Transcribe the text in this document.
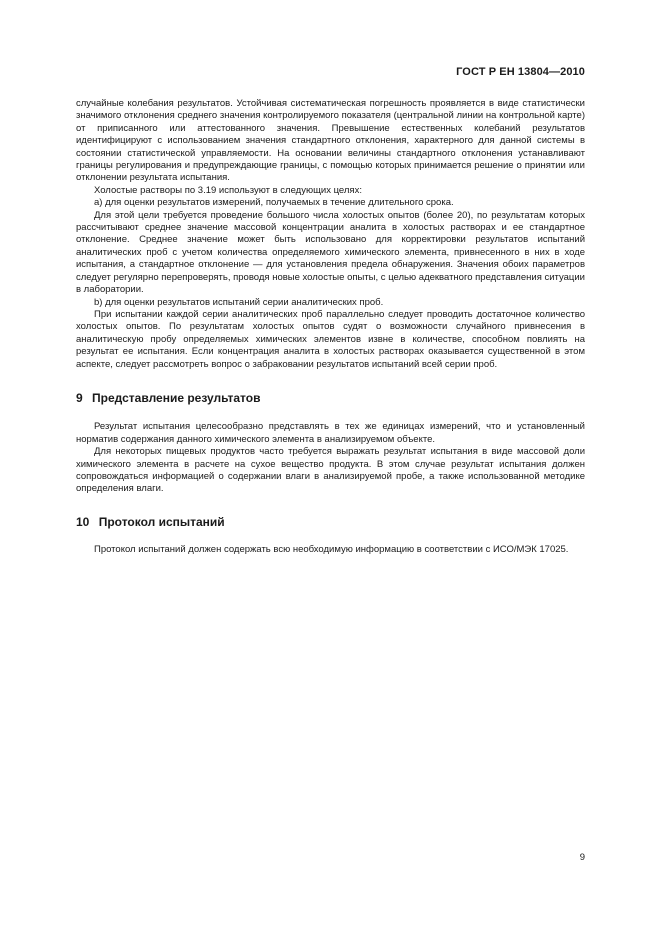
ГОСТ Р ЕН 13804—2010

случайные колебания результатов. Устойчивая систематическая погрешность проявляется в виде статистически значимого отклонения среднего значения контролируемого показателя (центральной линии на контрольной карте) от приписанного или аттестованного значения. Превышение естественных колебаний результатов идентифицируют с использованием значения стандартного отклонения, характерного для данной системы в состоянии статистической управляемости. На основании величины стандартного отклонения устанавливают границы регулирования и предупреждающие границы, с помощью которых принимается решение о принятии или отклонении результата испытания.

Холостые растворы по 3.19 используют в следующих целях:

a) для оценки результатов измерений, получаемых в течение длительного срока.

Для этой цели требуется проведение большого числа холостых опытов (более 20), по результатам которых рассчитывают среднее значение массовой концентрации аналита в холостых растворах и ее стандартное отклонение. Среднее значение может быть использовано для корректировки результатов испытаний аналитических проб с учетом количества определяемого химического элемента, привнесенного в них в ходе испытания, а стандартное отклонение — для установления предела обнаружения. Значения обоих параметров следует регулярно перепроверять, проводя новые холостые опыты, с целью адекватного представления ситуации в лаборатории.

b) для оценки результатов испытаний серии аналитических проб.

При испытании каждой серии аналитических проб параллельно следует проводить достаточное количество холостых опытов. По результатам холостых опытов судят о возможности случайного привнесения в аналитическую пробу определяемых химических элементов извне в количестве, способном повлиять на результат ее испытания. Если концентрация аналита в холостых растворах оказывается существенной в этом аспекте, следует рассмотреть вопрос о забраковании результатов испытаний всей серии проб.

9 Представление результатов

Результат испытания целесообразно представлять в тех же единицах измерений, что и установленный норматив содержания данного химического элемента в анализируемом объекте.

Для некоторых пищевых продуктов часто требуется выражать результат испытания в виде массовой доли химического элемента в расчете на сухое вещество продукта. В этом случае результат испытания должен сопровождаться информацией о содержании влаги в анализируемой пробе, а также использованной методике определения влаги.

10 Протокол испытаний

Протокол испытаний должен содержать всю необходимую информацию в соответствии с ИСО/МЭК 17025.

9
